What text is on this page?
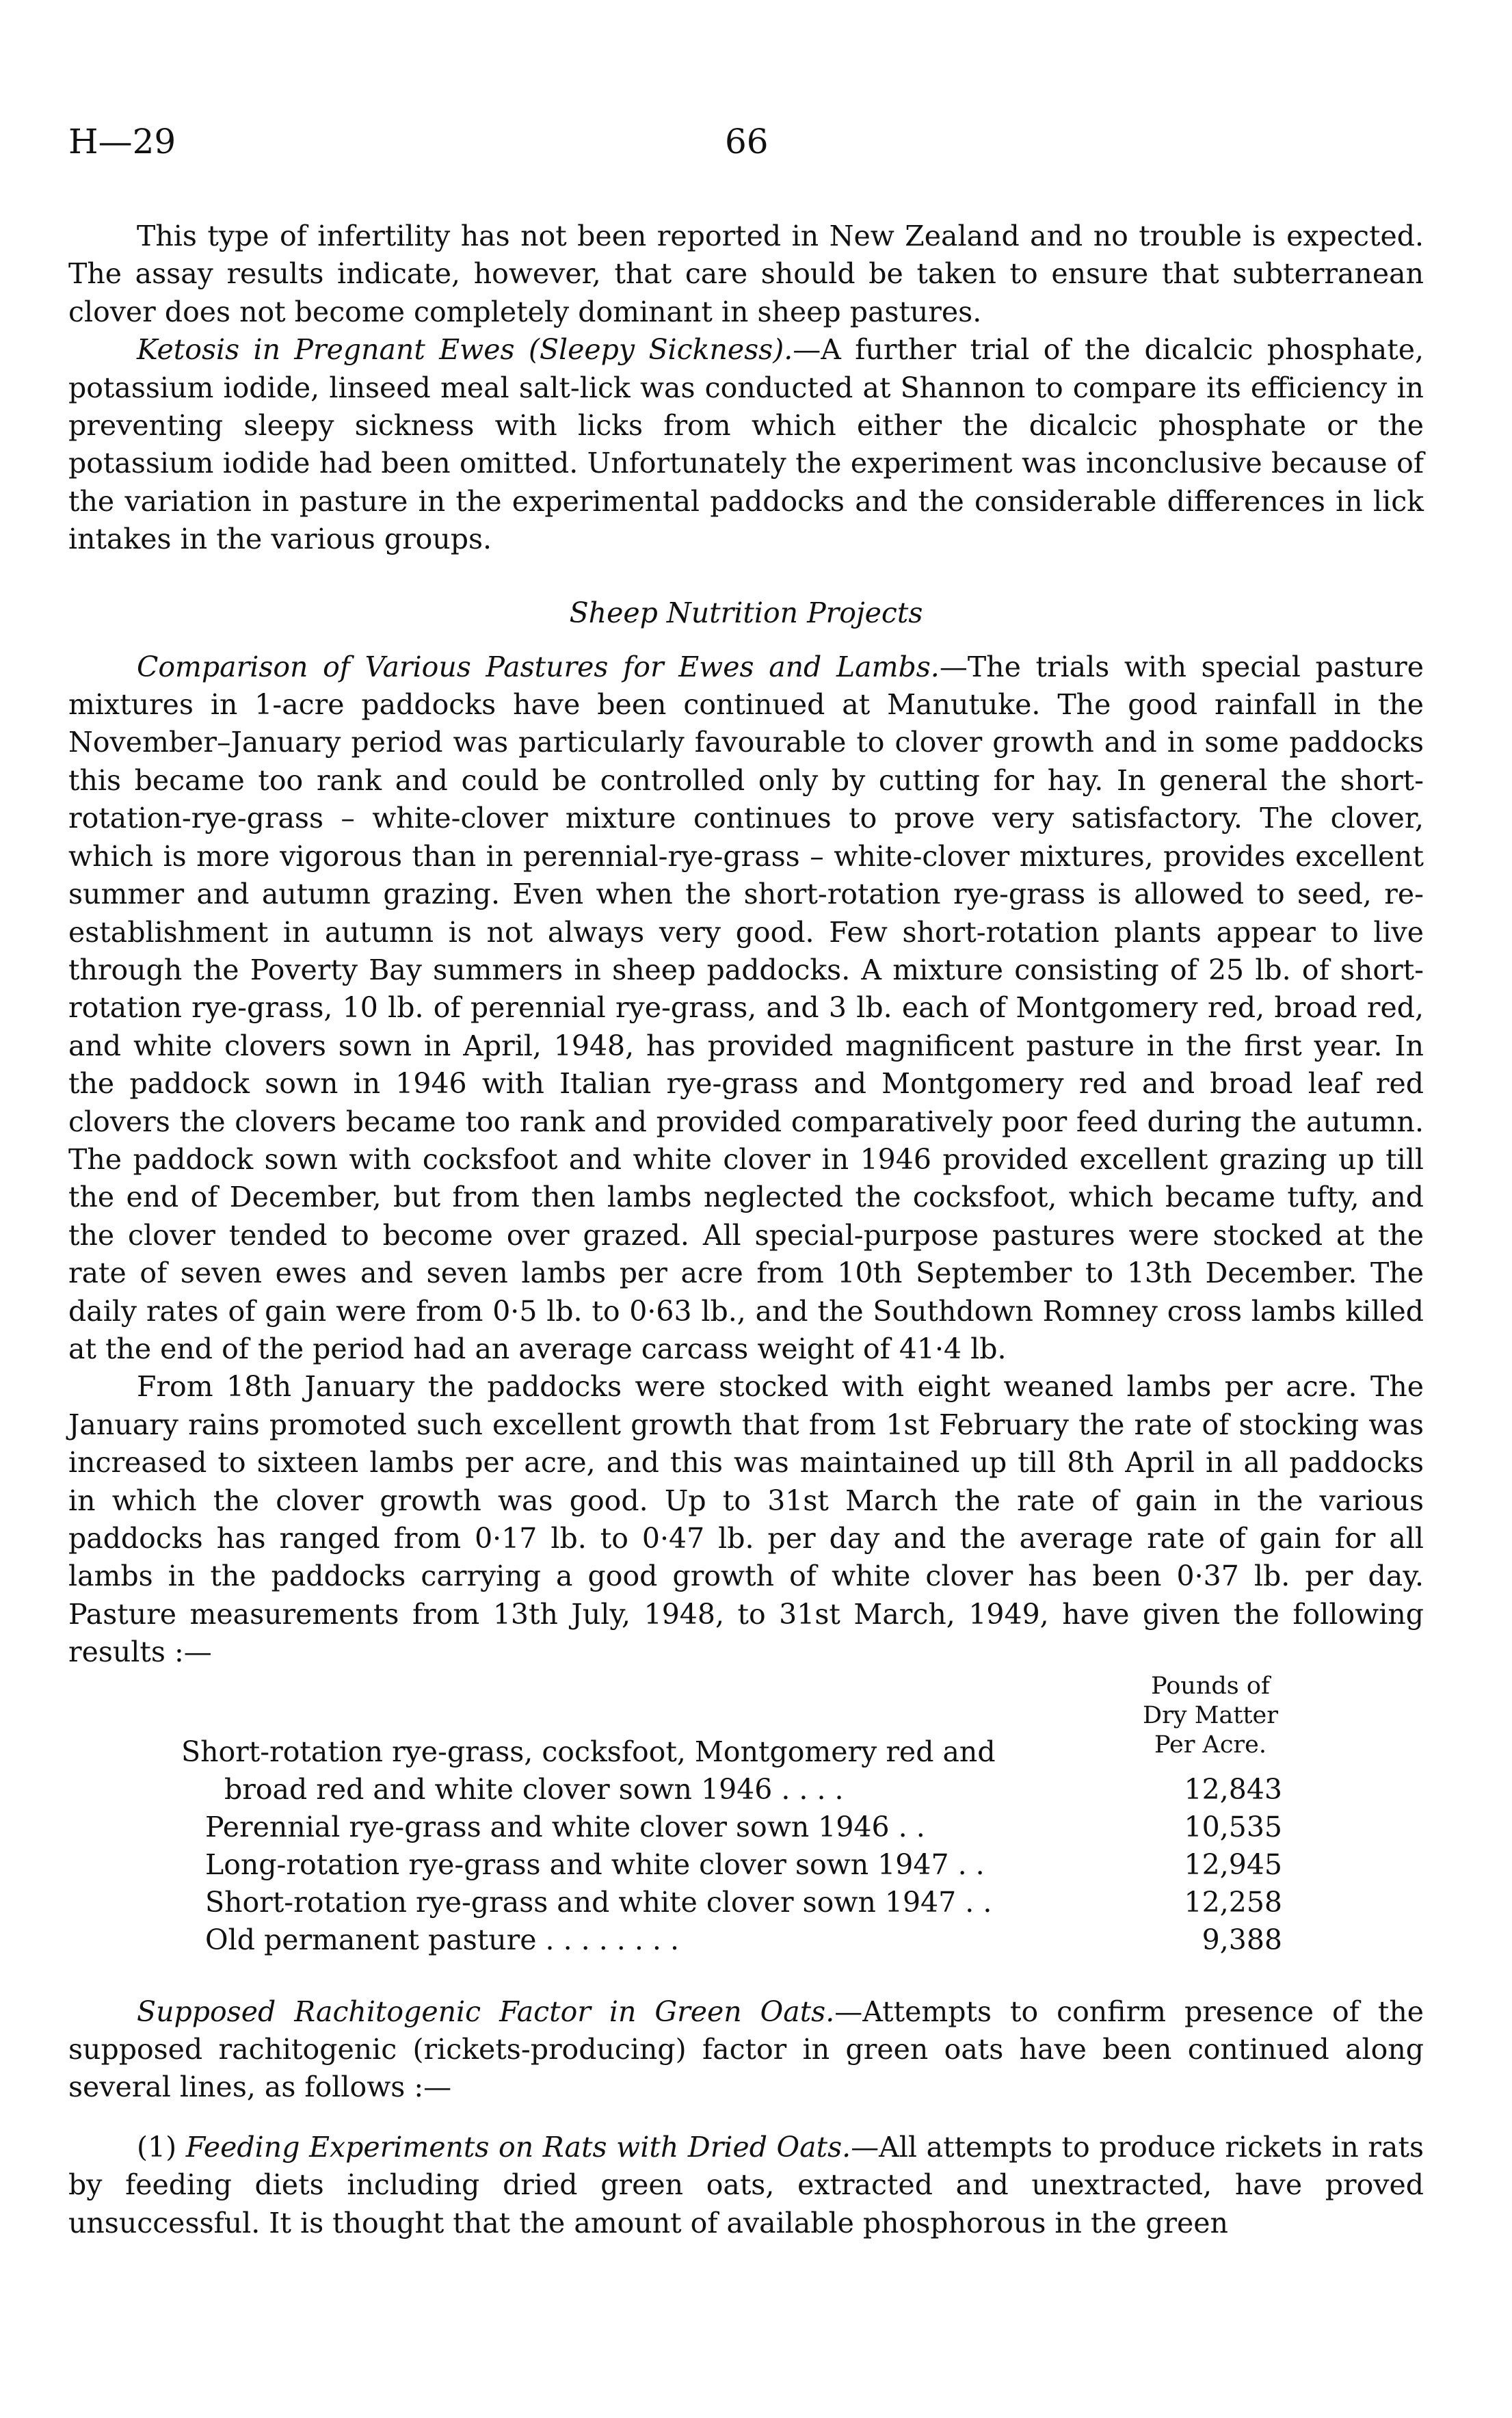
H—29	66

This type of infertility has not been reported in New Zealand and no trouble is expected. The assay results indicate, however, that care should be taken to ensure that subterranean clover does not become completely dominant in sheep pastures.

Ketosis in Pregnant Ewes (Sleepy Sickness).—A further trial of the dicalcic phosphate, potassium iodide, linseed meal salt-lick was conducted at Shannon to compare its efficiency in preventing sleepy sickness with licks from which either the dicalcic phosphate or the potassium iodide had been omitted. Unfortunately the experiment was inconclusive because of the variation in pasture in the experimental paddocks and the considerable differences in lick intakes in the various groups.

Sheep Nutrition Projects

Comparison of Various Pastures for Ewes and Lambs.—The trials with special pasture mixtures in 1-acre paddocks have been continued at Manutuke. The good rainfall in the November–January period was particularly favourable to clover growth and in some paddocks this became too rank and could be controlled only by cutting for hay. In general the short-rotation-rye-grass – white-clover mixture continues to prove very satisfactory. The clover, which is more vigorous than in perennial-rye-grass – white-clover mixtures, provides excellent summer and autumn grazing. Even when the short-rotation rye-grass is allowed to seed, re-establishment in autumn is not always very good. Few short-rotation plants appear to live through the Poverty Bay summers in sheep paddocks. A mixture consisting of 25 lb. of short-rotation rye-grass, 10 lb. of perennial rye-grass, and 3 lb. each of Montgomery red, broad red, and white clovers sown in April, 1948, has provided magnificent pasture in the first year. In the paddock sown in 1946 with Italian rye-grass and Montgomery red and broad leaf red clovers the clovers became too rank and provided comparatively poor feed during the autumn. The paddock sown with cocksfoot and white clover in 1946 provided excellent grazing up till the end of December, but from then lambs neglected the cocksfoot, which became tufty, and the clover tended to become over grazed. All special-purpose pastures were stocked at the rate of seven ewes and seven lambs per acre from 10th September to 13th December. The daily rates of gain were from 0·5 lb. to 0·63 lb., and the Southdown Romney cross lambs killed at the end of the period had an average carcass weight of 41·4 lb.

From 18th January the paddocks were stocked with eight weaned lambs per acre. The January rains promoted such excellent growth that from 1st February the rate of stocking was increased to sixteen lambs per acre, and this was maintained up till 8th April in all paddocks in which the clover growth was good. Up to 31st March the rate of gain in the various paddocks has ranged from 0·17 lb. to 0·47 lb. per day and the average rate of gain for all lambs in the paddocks carrying a good growth of white clover has been 0·37 lb. per day. Pasture measurements from 13th July, 1948, to 31st March, 1949, have given the following results :—

Pounds of
Dry Matter
Per Acre.
Short-rotation rye-grass, cocksfoot, Montgomery red and
broad red and white clover sown 1946 . . . .	12,843
Perennial rye-grass and white clover sown 1946 . .	10,535
Long-rotation rye-grass and white clover sown 1947 . .	12,945
Short-rotation rye-grass and white clover sown 1947 . .	12,258
Old permanent pasture . . . . . . . .	9,388

Supposed Rachitogenic Factor in Green Oats.—Attempts to confirm presence of the supposed rachitogenic (rickets-producing) factor in green oats have been continued along several lines, as follows :—

(1) Feeding Experiments on Rats with Dried Oats.—All attempts to produce rickets in rats by feeding diets including dried green oats, extracted and unextracted, have proved unsuccessful. It is thought that the amount of available phosphorous in the green
